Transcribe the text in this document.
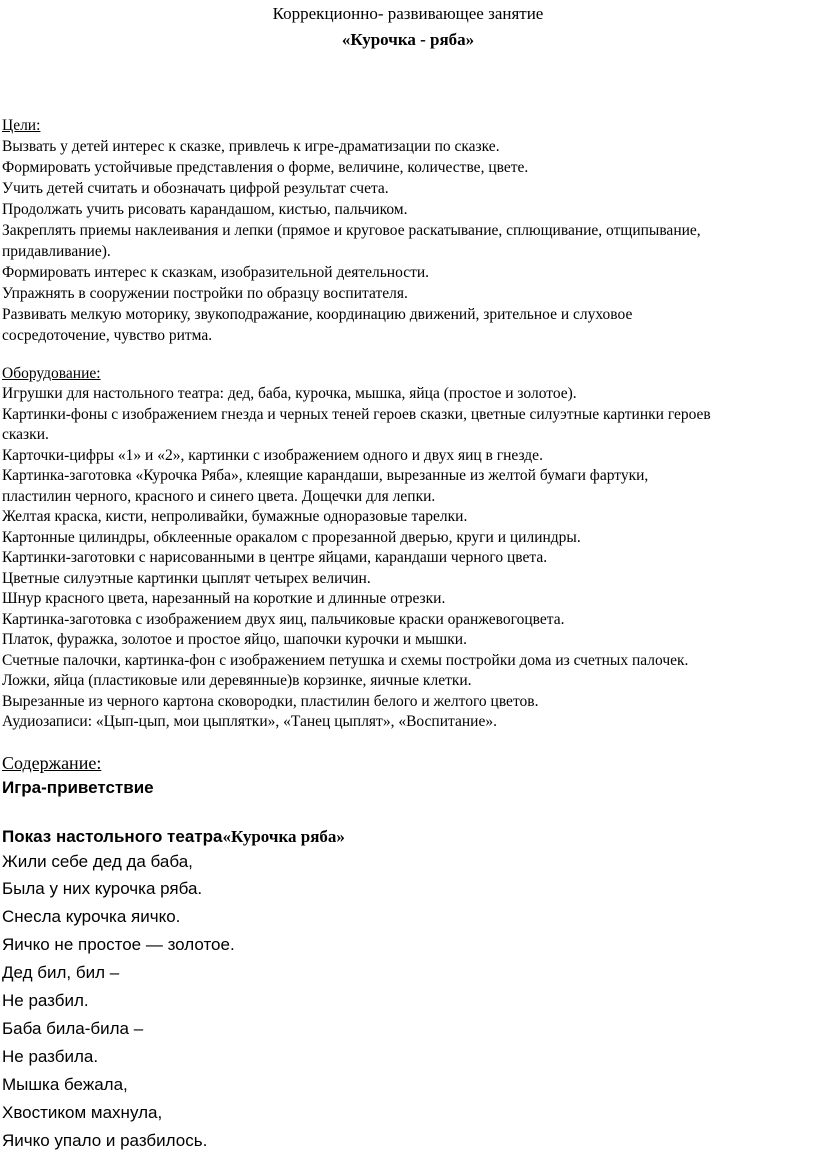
Коррекционно- развивающее занятие
«Курочка - ряба»
Цели:
Вызвать у детей интерес к сказке, привлечь к игре-драматизации по сказке.
Формировать устойчивые представления о форме, величине, количестве, цвете.
Учить детей считать и обозначать цифрой результат счета.
Продолжать учить рисовать карандашом, кистью, пальчиком.
Закреплять приемы наклеивания и лепки (прямое и круговое раскатывание, сплющивание, отщипывание,
придавливание).
Формировать интерес к сказкам, изобразительной деятельности.
Упражнять в сооружении постройки по образцу воспитателя.
Развивать мелкую моторику, звукоподражание, координацию движений, зрительное и слуховое
сосредоточение, чувство ритма.
Оборудование:
Игрушки для настольного театра: дед, баба, курочка, мышка, яйца (простое и золотое).
Картинки-фоны с изображением гнезда и черных теней героев сказки, цветные силуэтные картинки героев
сказки.
Карточки-цифры «1» и «2», картинки с изображением одного и двух яиц в гнезде.
Картинка-заготовка «Курочка Ряба», клеящие карандаши, вырезанные из желтой бумаги фартуки,
пластилин черного, красного и синего цвета. Дощечки для лепки.
Желтая краска, кисти, непроливайки, бумажные одноразовые тарелки.
Картонные цилиндры, обклеенные оракалом с прорезанной дверью, круги и цилиндры.
Картинки-заготовки с нарисованными в центре яйцами, карандаши черного цвета.
Цветные силуэтные картинки цыплят четырех величин.
Шнур красного цвета, нарезанный на короткие и длинные отрезки.
Картинка-заготовка с изображением двух яиц, пальчиковые краски оранжевогоцвета.
Платок, фуражка, золотое и простое яйцо, шапочки курочки и мышки.
Счетные палочки, картинка-фон с изображением петушка и схемы постройки дома из счетных палочек.
Ложки, яйца (пластиковые или деревянные)в корзинке, яичные клетки.
Вырезанные из черного картона сковородки, пластилин белого и желтого цветов.
Аудиозаписи: «Цып-цып, мои цыплятки», «Танец цыплят», «Воспитание».
Содержание:
Игра-приветствие
Показ настольного театра«Курочка ряба»
Жили себе дед да баба,
Была у них курочка ряба.
Снесла курочка яичко.
Яичко не простое — золотое.
Дед бил, бил –
Не разбил.
Баба била-била –
Не разбила.
Мышка бежала,
Хвостиком махнула,
Яичко упало и разбилось.
